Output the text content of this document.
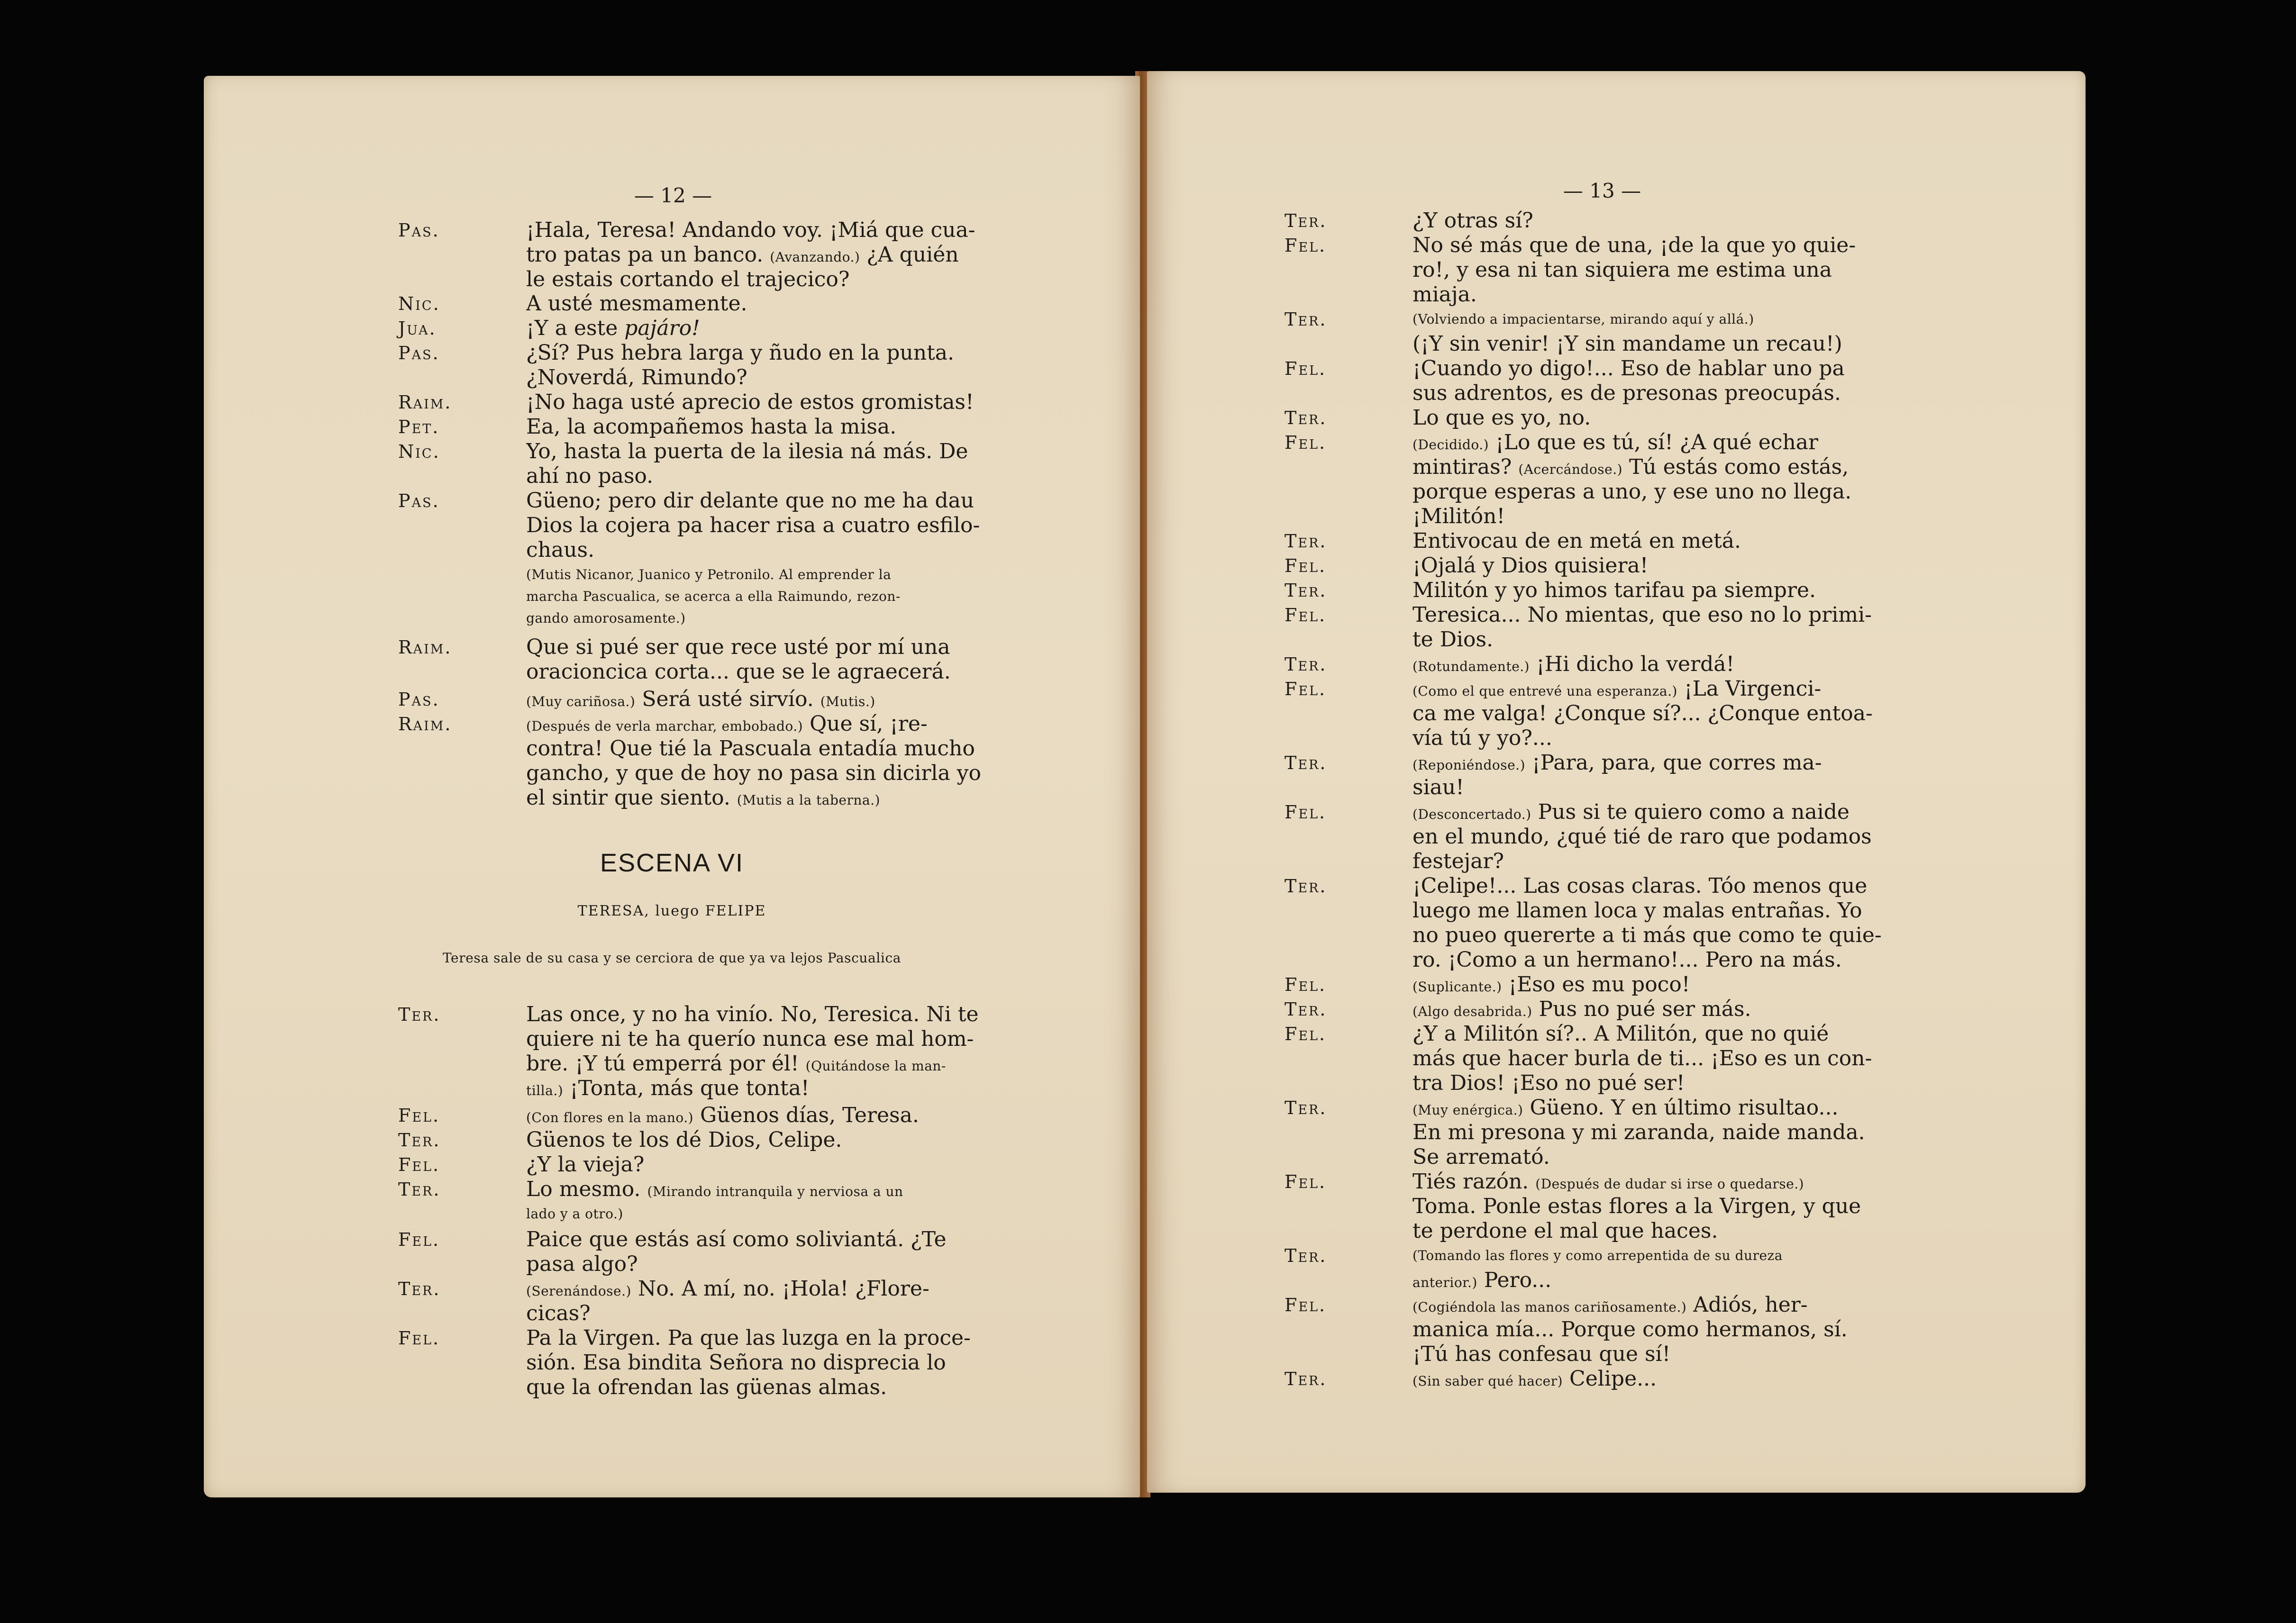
— 12 —
Pas.
Nic.
Jua.
Pas.
Raim.
Pet.
Nic.
Pas.
Raim.
Pas.
Raim.
¡Hala, Teresa! Andando voy. ¡Miá que cua-
tro patas pa un banco. (Avanzando.) ¿A quién
le estais cortando el trajecico?
A usté mesmamente.
¡Y a este pajáro!
¿Sí? Pus hebra larga y ñudo en la punta.
¿Noverdá, Rimundo?
¡No haga usté aprecio de estos gromistas!
Ea, la acompañemos hasta la misa.
Yo, hasta la puerta de la ilesia ná más. De
ahí no paso.
Güeno; pero dir delante que no me ha dau
Dios la cojera pa hacer risa a cuatro esfilo-
chaus.
(Mutis Nicanor, Juanico y Petronilo. Al emprender la
marcha Pascualica, se acerca a ella Raimundo, rezon-
gando amorosamente.)
Que si pué ser que rece usté por mí una
oracioncica corta... que se le agraecerá.
(Muy cariñosa.) Será usté sirvío. (Mutis.)
(Después de verla marchar, embobado.) Que sí, ¡re-
contra! Que tié la Pascuala entadía mucho
gancho, y que de hoy no pasa sin dicirla yo
el sintir que siento. (Mutis a la taberna.)
ESCENA VI
TERESA, luego FELIPE
Teresa sale de su casa y se cerciora de que ya va lejos Pascualica
Ter.
Fel.
Ter.
Fel.
Ter.
Fel.
Ter.
Fel.
Las once, y no ha vinío. No, Teresica. Ni te
quiere ni te ha querío nunca ese mal hom-
bre. ¡Y tú emperrá por él! (Quitándose la man-
tilla.) ¡Tonta, más que tonta!
(Con flores en la mano.) Güenos días, Teresa.
Güenos te los dé Dios, Celipe.
¿Y la vieja?
Lo mesmo. (Mirando intranquila y nerviosa a un
lado y a otro.)
Paice que estás así como soliviantá. ¿Te
pasa algo?
(Serenándose.) No. A mí, no. ¡Hola! ¿Flore-
cicas?
Pa la Virgen. Pa que las luzga en la proce-
sión. Esa bindita Señora no disprecia lo
que la ofrendan las güenas almas.
— 13 —
Ter.
Fel.
Ter.
Fel.
Ter.
Fel.
Ter.
Fel.
Ter.
Fel.
Ter.
Fel.
Ter.
Fel.
Ter.
Fel.
Ter.
Fel.
Ter.
Fel.
Ter.
Fel.
Ter.
¿Y otras sí?
No sé más que de una, ¡de la que yo quie-
ro!, y esa ni tan siquiera me estima una
miaja.
(Volviendo a impacientarse, mirando aquí y allá.)
(¡Y sin venir! ¡Y sin mandame un recau!)
¡Cuando yo digo!... Eso de hablar uno pa
sus adrentos, es de presonas preocupás.
Lo que es yo, no.
(Decidido.) ¡Lo que es tú, sí! ¿A qué echar
mintiras? (Acercándose.) Tú estás como estás,
porque esperas a uno, y ese uno no llega.
¡Militón!
Entivocau de en metá en metá.
¡Ojalá y Dios quisiera!
Militón y yo himos tarifau pa siempre.
Teresica... No mientas, que eso no lo primi-
te Dios.
(Rotundamente.) ¡Hi dicho la verdá!
(Como el que entrevé una esperanza.) ¡La Virgenci-
ca me valga! ¿Conque sí?... ¿Conque entoa-
vía tú y yo?...
(Reponiéndose.) ¡Para, para, que corres ma-
siau!
(Desconcertado.) Pus si te quiero como a naide
en el mundo, ¿qué tié de raro que podamos
festejar?
¡Celipe!... Las cosas claras. Tóo menos que
luego me llamen loca y malas entrañas. Yo
no pueo quererte a ti más que como te quie-
ro. ¡Como a un hermano!... Pero na más.
(Suplicante.) ¡Eso es mu poco!
(Algo desabrida.) Pus no pué ser más.
¿Y a Militón sí?.. A Militón, que no quié
más que hacer burla de ti... ¡Eso es un con-
tra Dios! ¡Eso no pué ser!
(Muy enérgica.) Güeno. Y en último risultao...
En mi presona y mi zaranda, naide manda.
Se arremató.
Tiés razón. (Después de dudar si irse o quedarse.)
Toma. Ponle estas flores a la Virgen, y que
te perdone el mal que haces.
(Tomando las flores y como arrepentida de su dureza
anterior.) Pero...
(Cogiéndola las manos cariñosamente.) Adiós, her-
manica mía... Porque como hermanos, sí.
¡Tú has confesau que sí!
(Sin saber qué hacer) Celipe...
